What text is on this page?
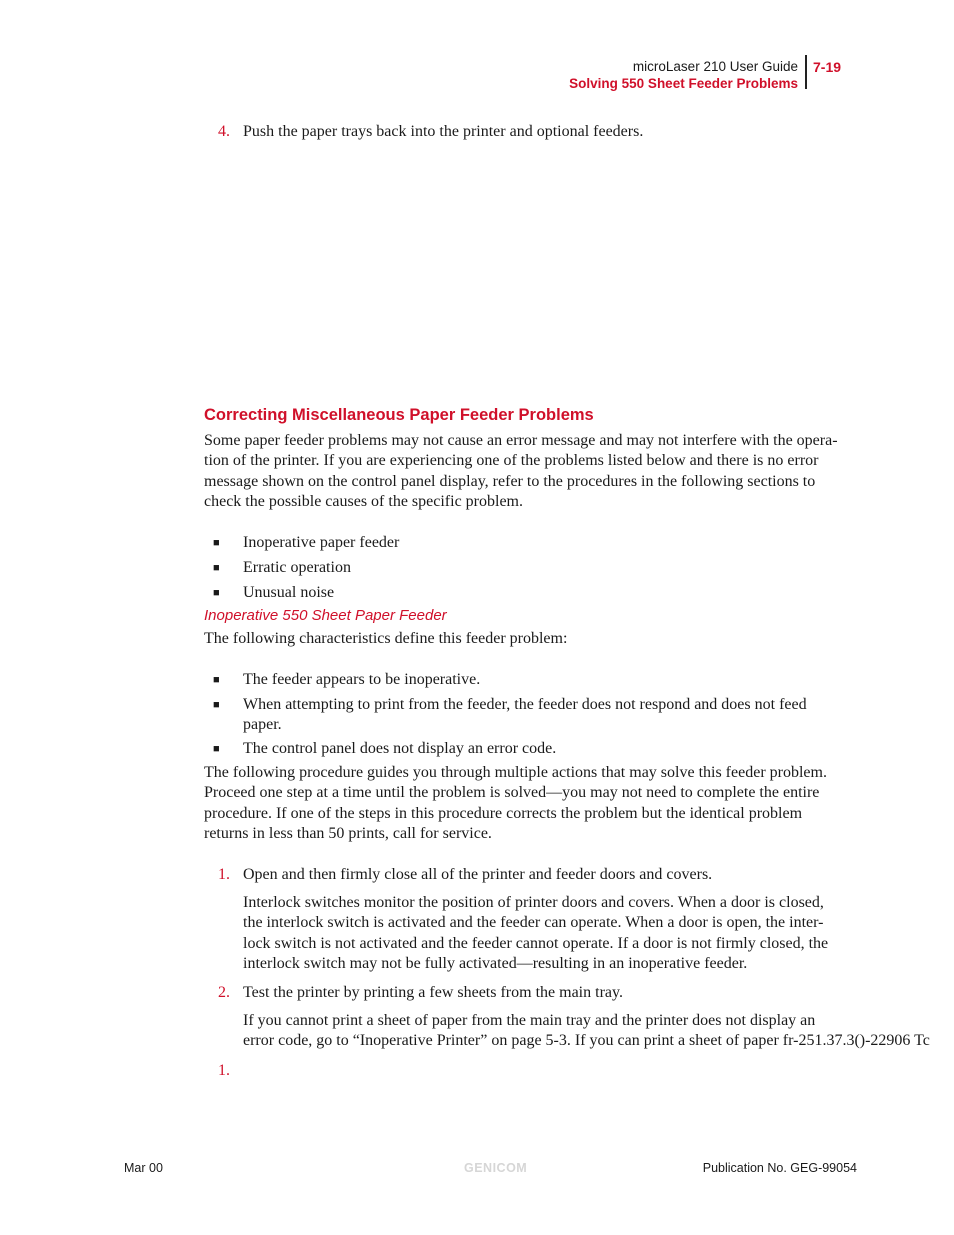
microLaser 210 User Guide
Solving 550 Sheet Feeder Problems
7-19
4. Push the paper trays back into the printer and optional feeders.
Correcting Miscellaneous Paper Feeder Problems
Some paper feeder problems may not cause an error message and may not interfere with the opera-
tion of the printer. If you are experiencing one of the problems listed below and there is no error
message shown on the control panel display, refer to the procedures in the following sections to
check the possible causes of the specific problem.
■ Inoperative paper feeder
■ Erratic operation
■ Unusual noise
Inoperative 550 Sheet Paper Feeder
The following characteristics define this feeder problem:
■ The feeder appears to be inoperative.
■ When attempting to print from the feeder, the feeder does not respond and does not feed
paper.
■ The control panel does not display an error code.
The following procedure guides you through multiple actions that may solve this feeder problem.
Proceed one step at a time until the problem is solved—you may not need to complete the entire
procedure. If one of the steps in this procedure corrects the problem but the identical problem
returns in less than 50 prints, call for service.
1. Open and then firmly close all of the printer and feeder doors and covers.
Interlock switches monitor the position of printer doors and covers. When a door is closed,
the interlock switch is activated and the feeder can operate. When a door is open, the inter-
lock switch is not activated and the feeder cannot operate. If a door is not firmly closed, the
interlock switch may not be fully activated—resulting in an inoperative feeder.
2. Test the printer by printing a few sheets from the main tray.
If you cannot print a sheet of paper from the main tray and the printer does not display an
error code, go to “Inoperative Printer” on page 5-3. If you can print a sheet of paper fr-251.37.3()-22906 Tc
1.
Mar 00	GENICOM	Publication No. GEG-99054
